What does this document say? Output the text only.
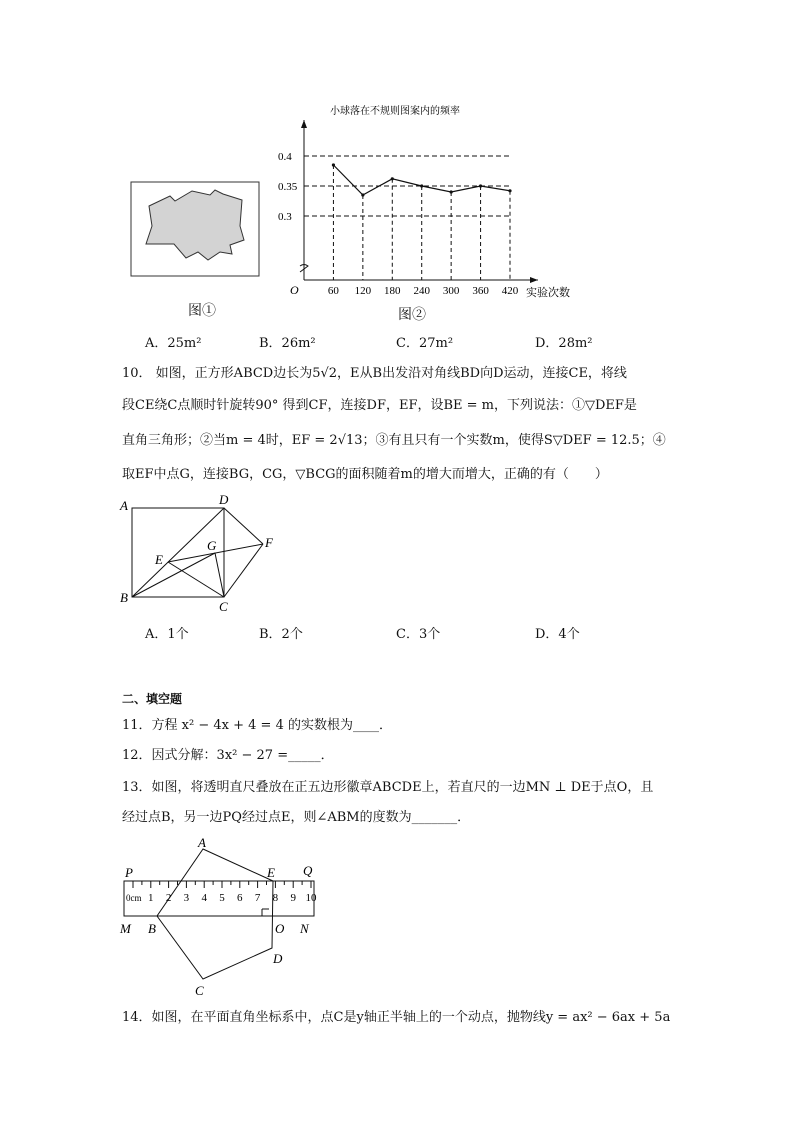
图①
小球落在不规则图案内的频率
O
0.3
0.35
0.4
60 120 180 240 300 360 420 实验次数
图②
A．25m²	B．26m²	C．27m²	D．28m²
10． 如图，正方形ABCD边长为5√2，E从B出发沿对角线BD向D运动，连接CE，将线
段CE绕C点顺时针旋转90° 得到CF，连接DF，EF，设BE = m，下列说法：①▽DEF是
直角三角形；②当m = 4时，EF = 2√13；③有且只有一个实数m，使得S▽DEF = 12.5；④
取EF中点G，连接BG，CG，▽BCG的面积随着m的增大而增大，正确的有（　　）
A	D
B
C
E
G	F
A．1个	B．2个	C．3个	D．4个
二、填空题
11．方程 x² − 4x + 4 = 4 的实数根为____．
12．因式分解：3x² − 27 =_____．
13．如图，将透明直尺叠放在正五边形徽章ABCDE上，若直尺的一边MN ⊥ DE于点O，且
经过点B，另一边PQ经过点E，则∠ABM的度数为_______．
0cm 1 2 3 4 5 6 7 8 9 10
P	Q
M B	O N
A
E
D
C
14．如图，在平面直角坐标系中，点C是y轴正半轴上的一个动点，抛物线y = ax² − 6ax + 5a
